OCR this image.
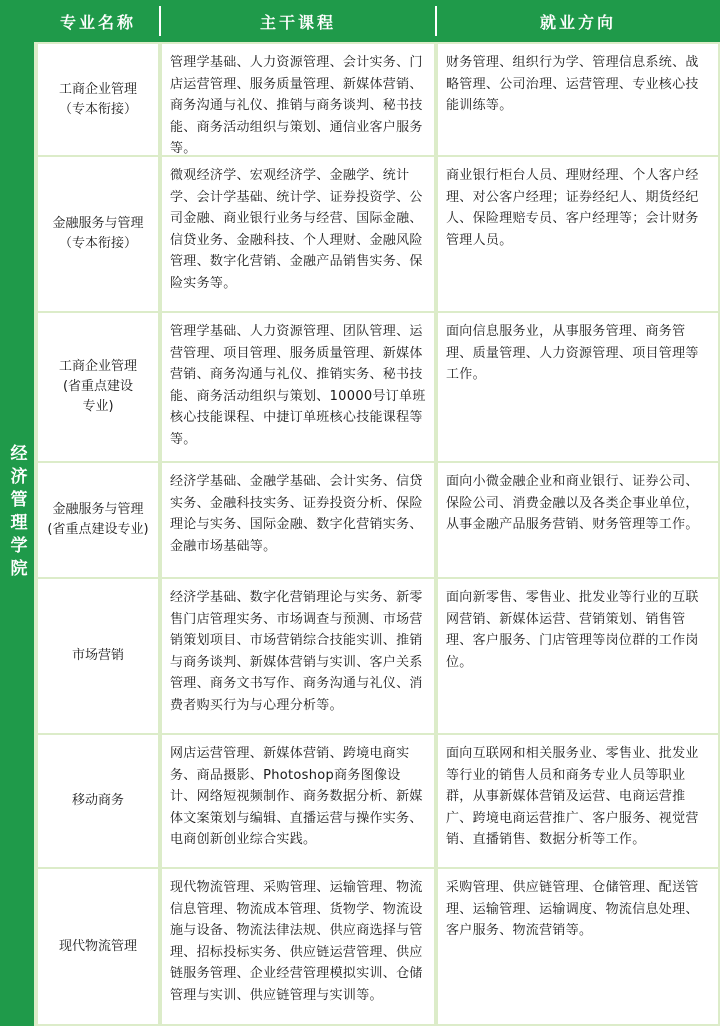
经济管理学院
专业名称	主干课程	就业方向
工商企业管理
（专本衔接）
管理学基础、人力资源管理、会计实务、门店运营管理、服务质量管理、新媒体营销、商务沟通与礼仪、推销与商务谈判、秘书技能、商务活动组织与策划、通信业客户服务等。
财务管理、组织行为学、管理信息系统、战略管理、公司治理、运营管理、专业核心技能训练等。
金融服务与管理
（专本衔接）
微观经济学、宏观经济学、金融学、统计学、会计学基础、统计学、证券投资学、公司金融、商业银行业务与经营、国际金融、信贷业务、金融科技、个人理财、金融风险管理、数字化营销、金融产品销售实务、保险实务等。
商业银行柜台人员、理财经理、个人客户经理、对公客户经理；证券经纪人、期货经纪人、保险理赔专员、客户经理等；会计财务管理人员。
工商企业管理
(省重点建设
专业)
管理学基础、人力资源管理、团队管理、运营管理、项目管理、服务质量管理、新媒体营销、商务沟通与礼仪、推销实务、秘书技能、商务活动组织与策划、10000号订单班核心技能课程、中捷订单班核心技能课程等等。
面向信息服务业，从事服务管理、商务管理、质量管理、人力资源管理、项目管理等工作。
金融服务与管理
(省重点建设专业)
经济学基础、金融学基础、会计实务、信贷实务、金融科技实务、证券投资分析、保险理论与实务、国际金融、数字化营销实务、金融市场基础等。
面向小微金融企业和商业银行、证券公司、保险公司、消费金融以及各类企事业单位，从事金融产品服务营销、财务管理等工作。
市场营销
经济学基础、数字化营销理论与实务、新零售门店管理实务、市场调查与预测、市场营销策划项目、市场营销综合技能实训、推销与商务谈判、新媒体营销与实训、客户关系管理、商务文书写作、商务沟通与礼仪、消费者购买行为与心理分析等。
面向新零售、零售业、批发业等行业的互联网营销、新媒体运营、营销策划、销售管理、客户服务、门店管理等岗位群的工作岗位。
移动商务
网店运营管理、新媒体营销、跨境电商实务、商品摄影、Photoshop商务图像设计、网络短视频制作、商务数据分析、新媒体文案策划与编辑、直播运营与操作实务、电商创新创业综合实践。
面向互联网和相关服务业、零售业、批发业等行业的销售人员和商务专业人员等职业群，从事新媒体营销及运营、电商运营推广、跨境电商运营推广、客户服务、视觉营销、直播销售、数据分析等工作。
现代物流管理
现代物流管理、采购管理、运输管理、物流信息管理、物流成本管理、货物学、物流设施与设备、物流法律法规、供应商选择与管理、招标投标实务、供应链运营管理、供应链服务管理、企业经营管理模拟实训、仓储管理与实训、供应链管理与实训等。
采购管理、供应链管理、仓储管理、配送管理、运输管理、运输调度、物流信息处理、客户服务、物流营销等。
